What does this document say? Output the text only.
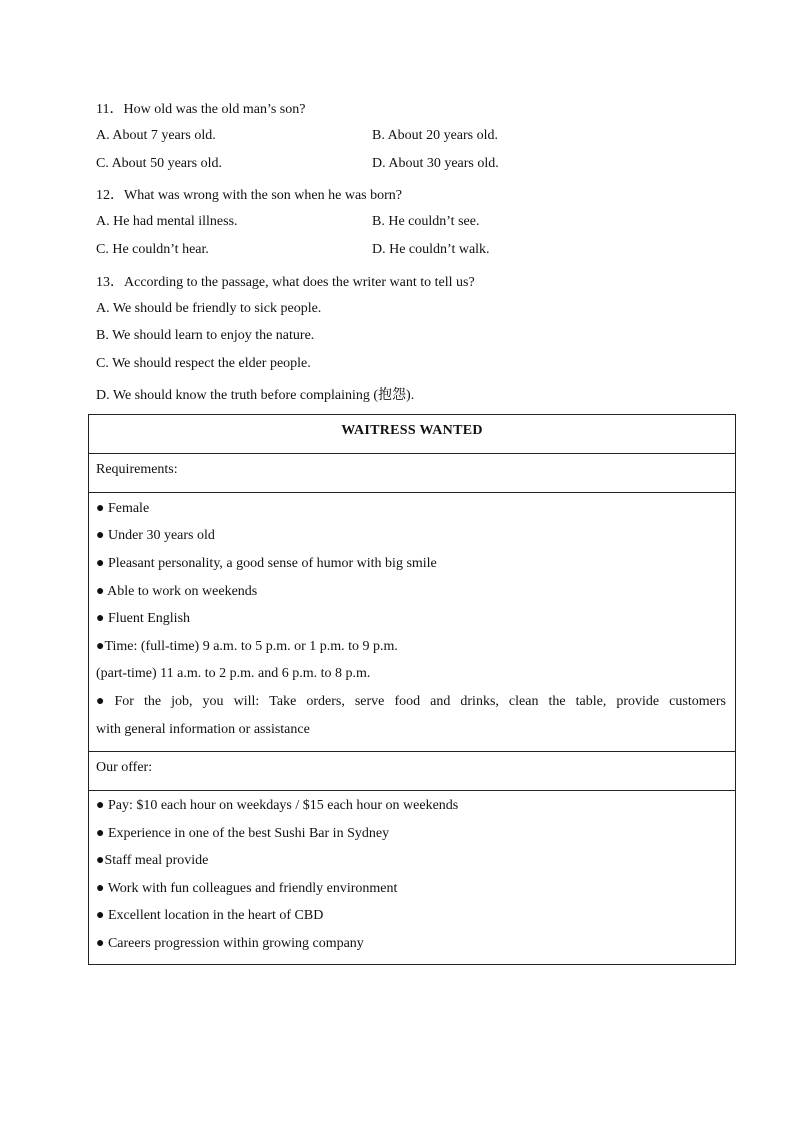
11．How old was the old man’s son?
A. About 7 years old.	B. About 20 years old.
C. About 50 years old.	D. About 30 years old.
12．What was wrong with the son when he was born?
A. He had mental illness.	B. He couldn’t see.
C. He couldn’t hear.	D. He couldn’t walk.
13．According to the passage, what does the writer want to tell us?
A. We should be friendly to sick people.
B. We should learn to enjoy the nature.
C. We should respect the elder people.
D. We should know the truth before complaining (抱怨).
WAITRESS WANTED
Requirements:
● Female
● Under 30 years old
● Pleasant personality, a good sense of humor with big smile
● Able to work on weekends
● Fluent English
●Time: (full-time) 9 a.m. to 5 p.m. or 1 p.m. to 9 p.m.
(part-time) 11 a.m. to 2 p.m. and 6 p.m. to 8 p.m.
● For the job, you will: Take orders, serve food and drinks, clean the table, provide customers
with general information or assistance
Our offer:
● Pay: $10 each hour on weekdays / $15 each hour on weekends
● Experience in one of the best Sushi Bar in Sydney
●Staff meal provide
● Work with fun colleagues and friendly environment
● Excellent location in the heart of CBD
● Careers progression within growing company
